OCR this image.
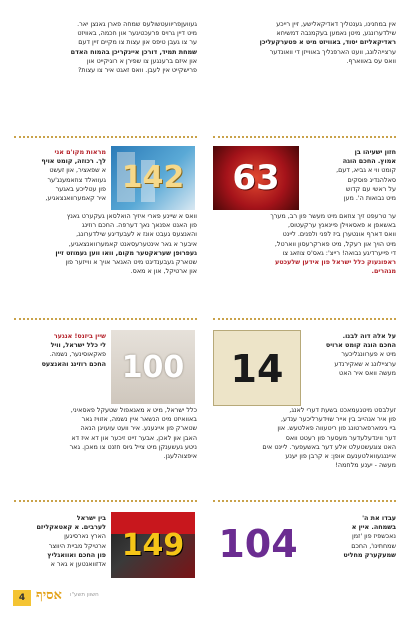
געוועןפריוועטשולעס שמחה פארן גאנצן יאר.

מיט דיין גרויס פרעכטיגער און חכמה, באוויזט

ער צו געבן טיפס און עצות צו מקיים זיין דעם

שמחת תמיד, דורכן איינקריכן בהמוח האדם

און איזם ברענגען צו שפירן א רוגיקייט און

פרישקייט אין לעבן. וואס זאגט איר צו עצות?

אין במחנינו, גענטליך דאדיקאלישע, זיין רייכע

שילדערונגע, מיטן נאמען בעקמנבה דמשיחא

ראדיקאליזם יסוד, באוויזט מיט א פטערקעליכן

ערצייהלונג, וועט הארפנליך באווייזן די וואונדער

וואס עס באווארף.

142

מראות מקו'ם אני

לך. רכוזה, קומט אויף

א שפאציר, און זעשט

געוואלד צוזאמענג'ער

פון עטליכע באגער

איר קאמערוואנצאגיע,

וואס א שיינע פארי איזיך הואלסאן געקערט גאנץ

פון האנט אפנאך נאך דערפה. החכם רוזינג

והאנצעס געבט אונז א לעבעדיגע שילדערונג,

איבער א גאר אינטערעסאנט קאמערוואנצאגיע,

געפרופן שעראקטער מקום, וואו ווען געמוזט זיין

שטארק געבענדיגט מיט האנאר אויך א ווייזער פון

און ארטיקל, און א מאס.

63

חזון ישעיהו בן

אמוץ. החכם הוגה

קומט ווי א גביא, דעם,

סאלהנדיג פוסקים

על ראשי עם קדוש

מיט נבואות ה'. מען

ער טרעפט זיך צוזאם מיט מעשר פון רב, מערך

באשאפן א פאסאוילן פיינאנץ ערקעטוס,

וואס דארף אונטערן ביז לפני ולפנים. ליינט

מיט הויך און רעקל, מיט פארקרעסון ווארטל,

די פייערדיגע נבואה! רייצ': גאס'ס צוזאג צו

ראפונעוק כלל ישראל פון אידען שלעכטע

מגהרים.

100

שיין ביזנס! אנגער

לי כלל ישראל, וויל

פאקאוסינער, נשמה.

החכם רוזינג והאנצעס

כלל ישראל, מיט א מאנאפול שטעקל פאסאיני,

באוואיזט מיט הנשאר איין נשמה, אזוויז גאר

שטארק פון אייגענע. איר וועט עועויגן הנאה

האבן און לאכן, אבער זייט זיכער און דא איז דא

ניטע געשענקן מיט צייל גיוס חזנט צו מאכן. גאר

איפצוהלעגן.

14

על אלה דוה לבנו.

החכם הוגה קומט ארויס

מיט א פערוונגליכער

ערציילונג א שאקירנדע

מעשה וואס איר האט

זעלבסט מיטגעמאכט בשעת דערי לאנג,

פון איר אנהייב בין אייר שוידערליכער ענדע,

ביי גימארפארטונג פון ריטעווה פאלטעש. און

דער ווינדעלעדער מעסער פון רעטט וואס

האט צוגעשטעלט אלע דער באשעפער. ליינט אים

אייננגעוואלטענעם אופן: א קרבן פון יענע

מעשה - יענע מלחמה!

149

בין ישראל

לערבים. א קאטאקליזם

הארץ נארסיגען

ארטיקל מביית היווצר

פון החכם ואוואגליץ

אדזוואנטען א גאר א	104

עבדו את ה'

בשמחה. איין א

נאכשפיז פון 'זמן

שמחתינו', החכם

שמעקערק מחליט

4 אסיף חשוון תשע"ו
